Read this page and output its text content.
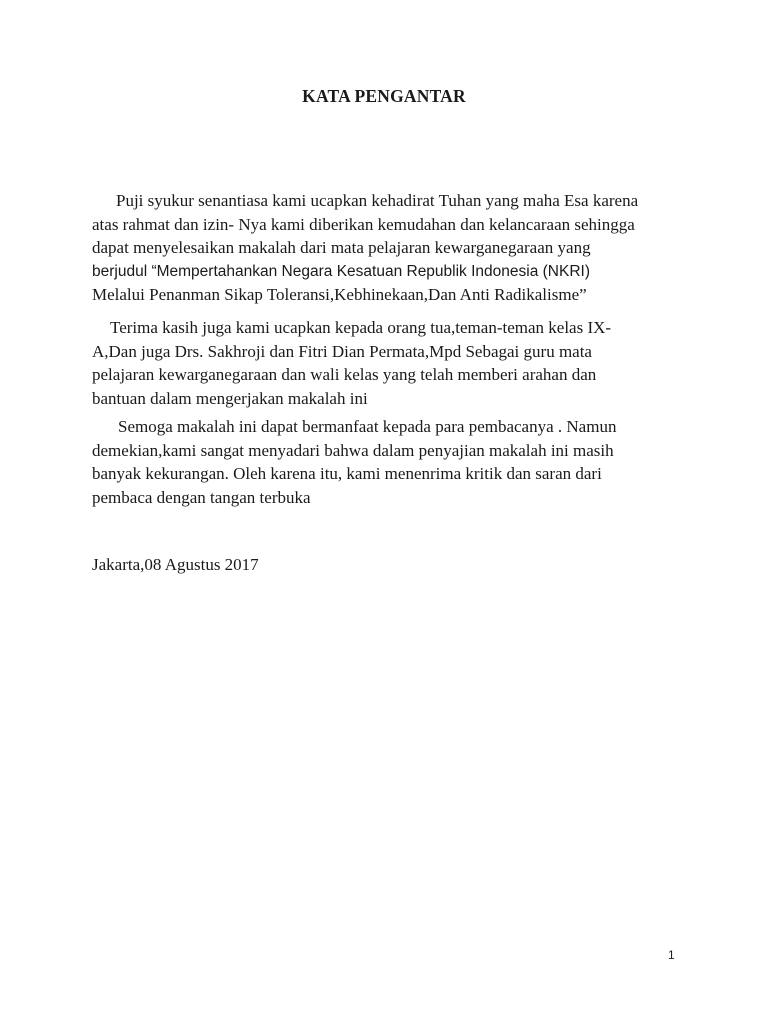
KATA PENGANTAR

Puji syukur senantiasa kami ucapkan kehadirat Tuhan yang maha Esa karena
atas rahmat dan izin- Nya kami diberikan kemudahan dan kelancaraan sehingga
dapat menyelesaikan makalah dari mata pelajaran kewarganegaraan yang
berjudul “Mempertahankan Negara Kesatuan Republik Indonesia (NKRI)
Melalui Penanman Sikap Toleransi,Kebhinekaan,Dan Anti Radikalisme”

Terima kasih juga kami ucapkan kepada orang tua,teman-teman kelas IX-
A,Dan juga Drs. Sakhroji dan Fitri Dian Permata,Mpd Sebagai guru mata
pelajaran kewarganegaraan dan wali kelas yang telah memberi arahan dan
bantuan dalam mengerjakan makalah ini

Semoga makalah ini dapat bermanfaat kepada para pembacanya . Namun
demekian,kami sangat menyadari bahwa dalam penyajian makalah ini masih
banyak kekurangan. Oleh karena itu, kami menenrima kritik dan saran dari
pembaca dengan tangan terbuka

Jakarta,08 Agustus 2017
1
